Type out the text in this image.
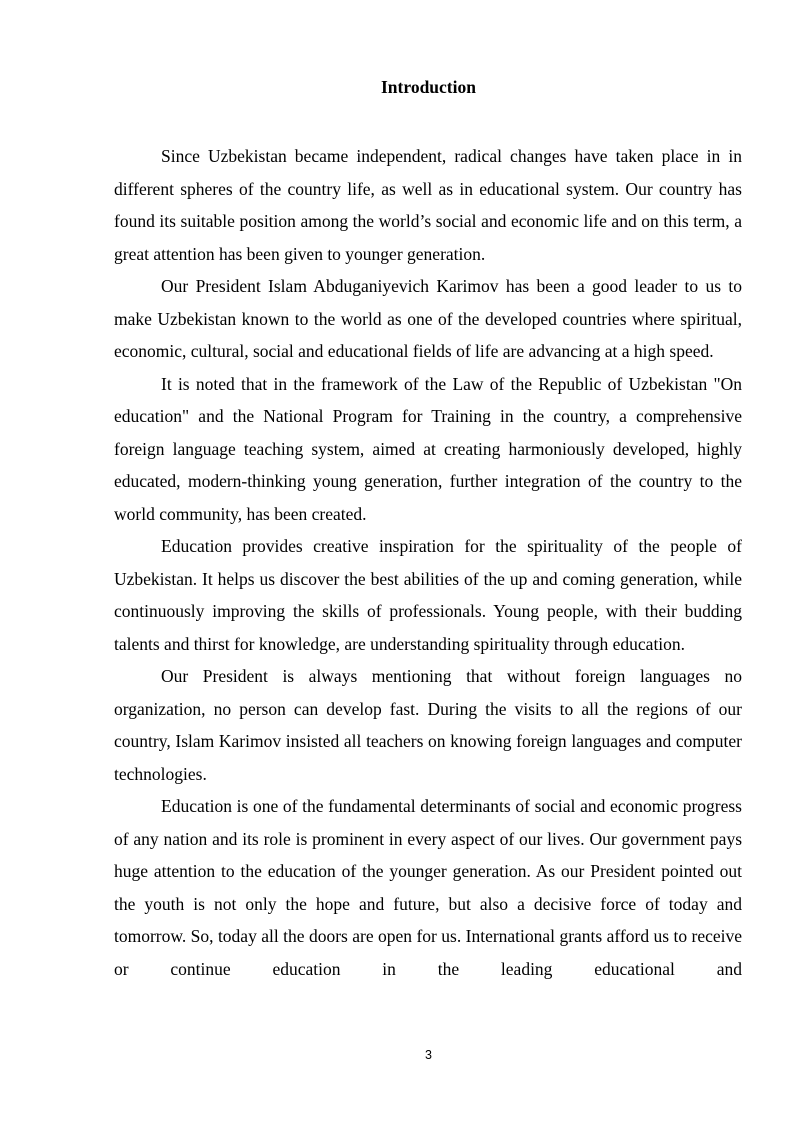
Introduction

Since Uzbekistan became independent, radical changes have taken place in in different spheres of the country life, as well as in educational system. Our country has found its suitable position among the world’s social and economic life and on this term, a great attention has been given to younger generation.

Our President Islam Abduganiyevich Karimov has been a good leader to us to make Uzbekistan known to the world as one of the developed countries where spiritual, economic, cultural, social and educational fields of life are advancing at a high speed.

It is noted that in the framework of the Law of the Republic of Uzbekistan "On education" and the National Program for Training in the country, a comprehensive foreign language teaching system, aimed at creating harmoniously developed, highly educated, modern-thinking young generation, further integration of the country to the world community, has been created.

Education provides creative inspiration for the spirituality of the people of Uzbekistan. It helps us discover the best abilities of the up and coming generation, while continuously improving the skills of professionals. Young people, with their budding talents and thirst for knowledge, are understanding spirituality through education.

Our President is always mentioning that without foreign languages no organization, no person can develop fast. During the visits to all the regions of our country, Islam Karimov insisted all teachers on knowing foreign languages and computer technologies.

Education is one of the fundamental determinants of social and economic progress of any nation and its role is prominent in every aspect of our lives. Our government pays huge attention to the education of the younger generation. As our President pointed out the youth is not only the hope and future, but also a decisive force of today and tomorrow. So, today all the doors are open for us. International grants afford us to receive or continue education in the leading educational and

3
